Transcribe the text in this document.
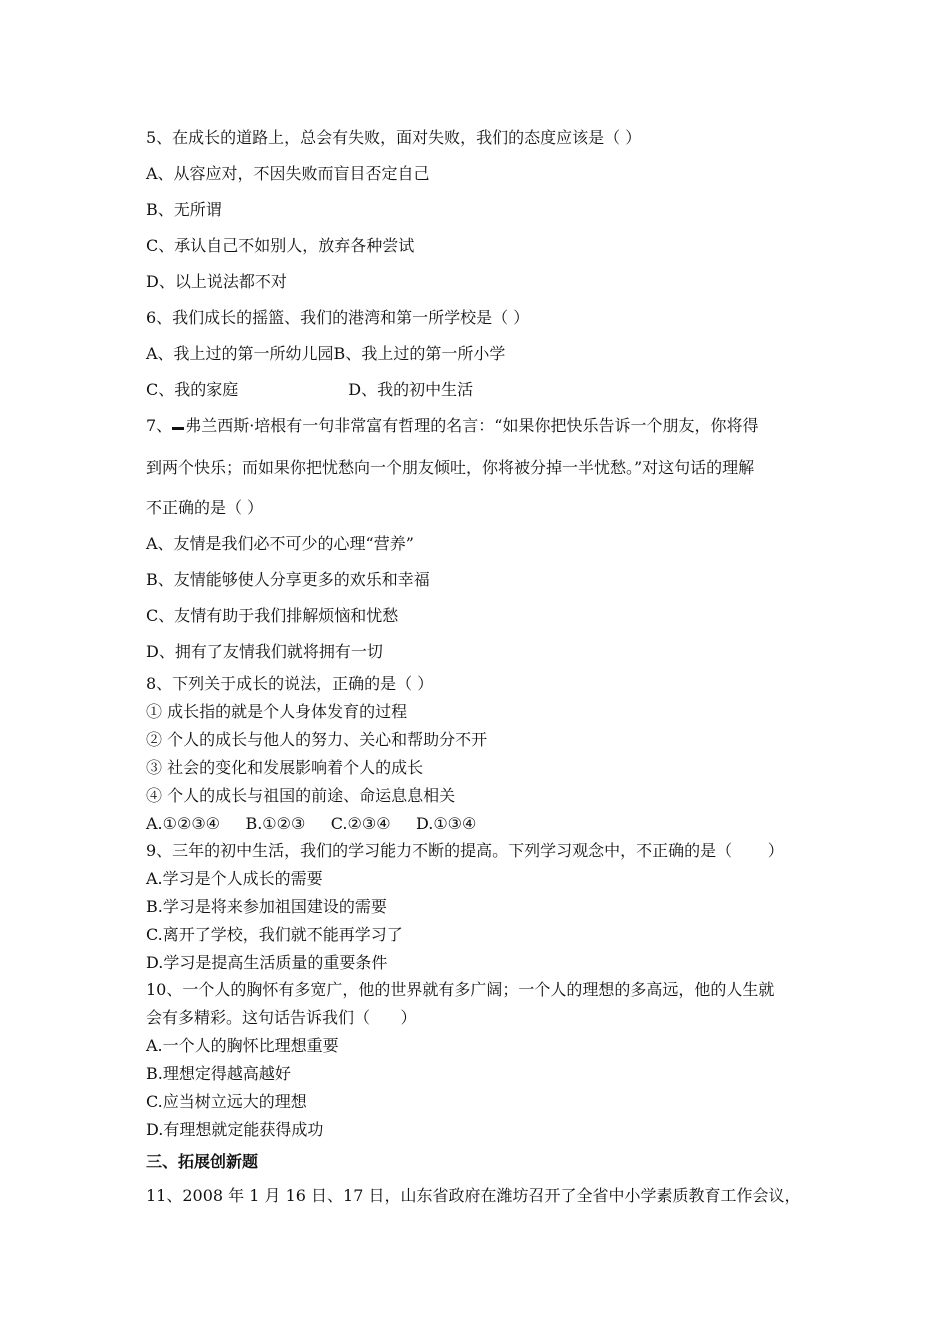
5、在成长的道路上，总会有失败，面对失败，我们的态度应该是（ ）
A、从容应对，不因失败而盲目否定自己
B、无所谓
C、承认自己不如别人，放弃各种尝试
D、以上说法都不对
6、我们成长的摇篮、我们的港湾和第一所学校是（ ）
A、我上过的第一所幼儿园B、我上过的第一所小学
C、我的家庭	D、我的初中生活
7、 弗兰西斯·培根有一句非常富有哲理的名言：“如果你把快乐告诉一个朋友，你将得
到两个快乐；而如果你把忧愁向一个朋友倾吐，你将被分掉一半忧愁。”对这句话的理解
不正确的是（ ）
A、友情是我们必不可少的心理“营养”
B、友情能够使人分享更多的欢乐和幸福
C、友情有助于我们排解烦恼和忧愁
D、拥有了友情我们就将拥有一切
8、下列关于成长的说法，正确的是（ ）
① 成长指的就是个人身体发育的过程
② 个人的成长与他人的努力、关心和帮助分不开
③ 社会的变化和发展影响着个人的成长
④ 个人的成长与祖国的前途、命运息息相关
A.①②③④     B.①②③     C.②③④     D.①③④
9、三年的初中生活，我们的学习能力不断的提高。下列学习观念中，不正确的是（       ）
A.学习是个人成长的需要
B.学习是将来参加祖国建设的需要
C.离开了学校，我们就不能再学习了
D.学习是提高生活质量的重要条件
10、一个人的胸怀有多宽广，他的世界就有多广阔；一个人的理想的多高远，他的人生就
会有多精彩。这句话告诉我们（      ）
A.一个人的胸怀比理想重要
B.理想定得越高越好
C.应当树立远大的理想
D.有理想就定能获得成功
三、拓展创新题
11、2008 年 1 月 16 日、17 日，山东省政府在潍坊召开了全省中小学素质教育工作会议，
